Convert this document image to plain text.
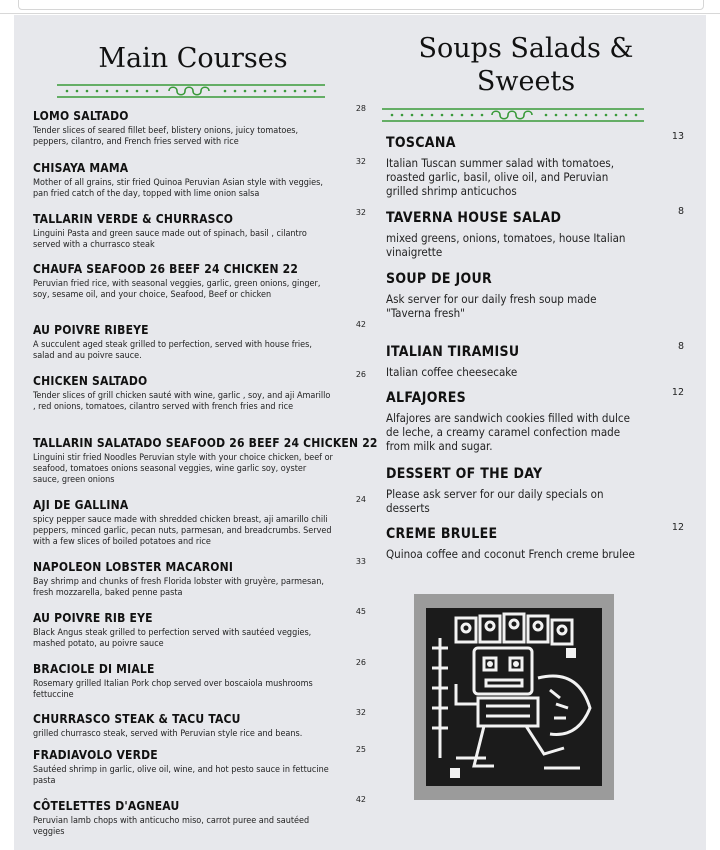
Main Courses	Soups Salads &
Sweets
LOMO SALTADO
Tender slices of seared fillet beef, blistery onions, juicy tomatoes, peppers, cilantro, and French fries served with rice
28
CHISAYA MAMA
Mother of all grains, stir fried Quinoa Peruvian Asian style with veggies, pan fried catch of the day, topped with lime onion salsa
32
TALLARIN VERDE & CHURRASCO
Linguini Pasta and green sauce made out of spinach, basil , cilantro served with a churrasco steak
32
CHAUFA SEAFOOD 26 BEEF 24 CHICKEN 22
Peruvian fried rice, with seasonal veggies, garlic, green onions, ginger, soy, sesame oil, and your choice, Seafood, Beef or chicken
AU POIVRE RIBEYE
A succulent aged steak grilled to perfection, served with house fries, salad and au poivre sauce.
42
CHICKEN SALTADO
Tender slices of grill chicken sauté with wine, garlic , soy, and aji Amarillo , red onions, tomatoes, cilantro served with french fries and rice
26
TALLARIN SALATADO SEAFOOD 26 BEEF 24 CHICKEN 22
Linguini stir fried Noodles Peruvian style with your choice chicken, beef or seafood, tomatoes onions seasonal veggies, wine garlic soy, oyster sauce, green onions
AJI DE GALLINA
spicy pepper sauce made with shredded chicken breast, aji amarillo chili peppers, minced garlic, pecan nuts, parmesan, and breadcrumbs. Served with a few slices of boiled potatoes and rice
24
NAPOLEON LOBSTER MACARONI
Bay shrimp and chunks of fresh Florida lobster with gruyère, parmesan, fresh mozzarella, baked penne pasta
33
AU POIVRE RIB EYE
Black Angus steak grilled to perfection served with sautéed veggies, mashed potato, au poivre sauce
45
BRACIOLE DI MIALE
Rosemary grilled Italian Pork chop served over boscaiola mushrooms fettuccine
26
CHURRASCO STEAK & TACU TACU
grilled churrasco steak, served with Peruvian style rice and beans.
32
FRADIAVOLO VERDE
Sautéed shrimp in garlic, olive oil, wine, and hot pesto sauce in fettucine pasta
25
CÔTELETTES D'AGNEAU
Peruvian lamb chops with anticucho miso, carrot puree and sautéed veggies
42
TOSCANA
Italian Tuscan summer salad with tomatoes, roasted garlic, basil, olive oil, and Peruvian grilled shrimp anticuchos
13
TAVERNA HOUSE SALAD
mixed greens, onions, tomatoes, house Italian vinaigrette
8
SOUP DE JOUR
Ask server for our daily fresh soup made "Taverna fresh"
ITALIAN TIRAMISU
Italian coffee cheesecake
8
ALFAJORES
Alfajores are sandwich cookies filled with dulce de leche, a creamy caramel confection made from milk and sugar.
12
DESSERT OF THE DAY
Please ask server for our daily specials on desserts
CREME BRULEE
Quinoa coffee and coconut French creme brulee
12
